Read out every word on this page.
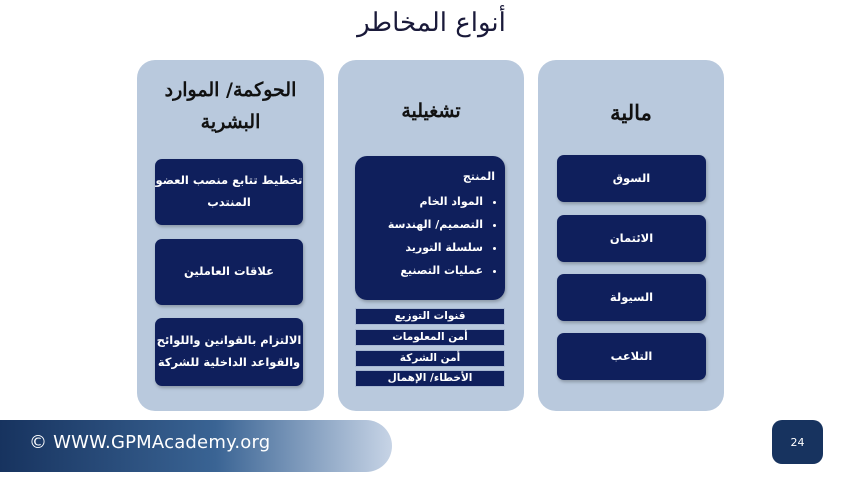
أنواع المخاطر
الحوكمة/ الموارد
البشرية
تخطيط تتابع منصب العضو
المنتدب
علاقات العاملين
الالتزام بالقوانين واللوائح
والقواعد الداخلية للشركة
تشغيلية
المنتج
• المواد الخام
• التصميم/ الهندسة
• سلسلة التوريد
• عمليات التصنيع
قنوات التوزيع
أمن المعلومات
أمن الشركة
الأخطاء/ الإهمال
مالية
السوق
الائتمان
السيولة
التلاعب
© WWW.GPMAcademy.org	24
